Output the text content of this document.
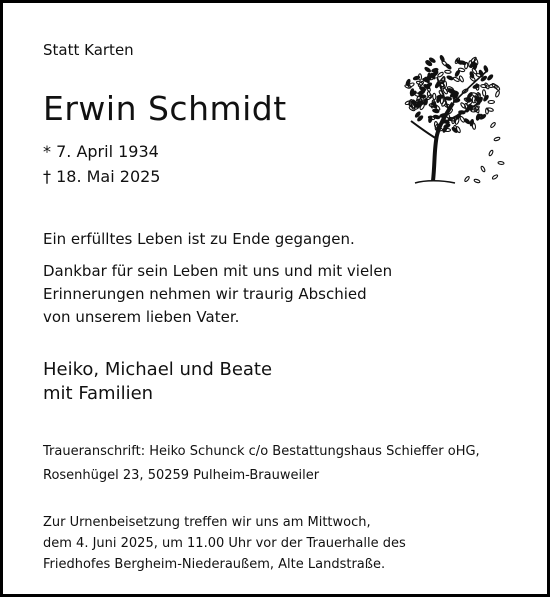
Statt Karten

Erwin Schmidt

* 7. April 1934

† 18. Mai 2025

Ein erfülltes Leben ist zu Ende gegangen.

Dankbar für sein Leben mit uns und mit vielen
Erinnerungen nehmen wir traurig Abschied
von unserem lieben Vater.
Heiko, Michael und Beate
mit Familien
Traueranschrift: Heiko Schunck c/o Bestattungshaus Schieffer oHG,
Rosenhügel 23, 50259 Pulheim-Brauweiler
Zur Urnenbeisetzung treffen wir uns am Mittwoch,
dem 4. Juni 2025, um 11.00 Uhr vor der Trauerhalle des
Friedhofes Bergheim-Niederaußem, Alte Landstraße.
